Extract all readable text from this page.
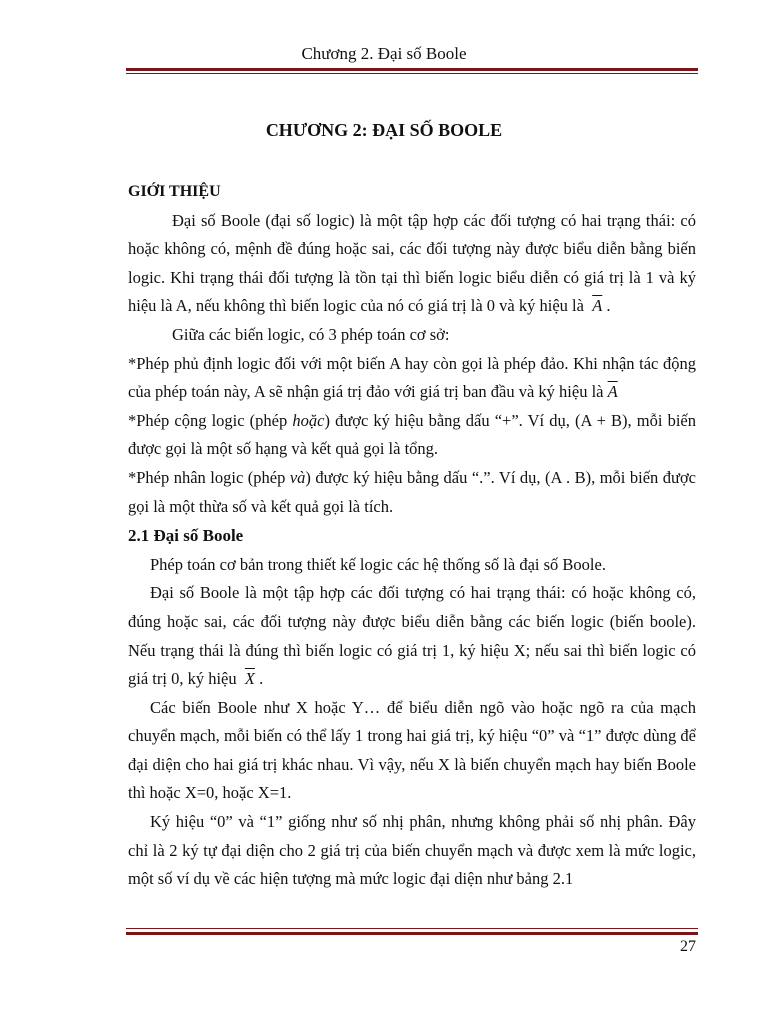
Chương 2. Đại số Boole
CHƯƠNG 2: ĐẠI SỐ BOOLE

GIỚI THIỆU

Đại số Boole (đại số logic) là một tập hợp các đối tượng có hai trạng thái: có hoặc không có, mệnh đề đúng hoặc sai, các đối tượng này được biểu diễn bằng biến logic. Khi trạng thái đối tượng là tồn tại thì biến logic biểu diễn có giá trị là 1 và ký hiệu là A, nếu không thì biến logic của nó có giá trị là 0 và ký hiệu là $\overline{A}$ .

Giữa các biến logic, có 3 phép toán cơ sở:

*Phép phủ định logic đối với một biến A hay còn gọi là phép đảo. Khi nhận tác động của phép toán này, A sẽ nhận giá trị đảo với giá trị ban đầu và ký hiệu là $\overline{A}$

*Phép cộng logic (phép hoặc) được ký hiệu bằng dấu “+”. Ví dụ, (A + B), mỗi biến được gọi là một số hạng và kết quả gọi là tổng.

*Phép nhân logic (phép và) được ký hiệu bằng dấu “.”. Ví dụ, (A . B), mỗi biến được gọi là một thừa số và kết quả gọi là tích.

2.1 Đại số Boole

Phép toán cơ bản trong thiết kế logic các hệ thống số là đại số Boole.

Đại số Boole là một tập hợp các đối tượng có hai trạng thái: có hoặc không có, đúng hoặc sai, các đối tượng này được biểu diễn bằng các biến logic (biến boole). Nếu trạng thái là đúng thì biến logic có giá trị 1, ký hiệu X; nếu sai thì biến logic có giá trị 0, ký hiệu $\overline{X}$ .

Các biến Boole như X hoặc Y… để biểu diễn ngõ vào hoặc ngõ ra của mạch chuyển mạch, mỗi biến có thể lấy 1 trong hai giá trị, ký hiệu “0” và “1” được dùng để đại diện cho hai giá trị khác nhau. Vì vậy, nếu X là biến chuyển mạch hay biến Boole thì hoặc X=0, hoặc X=1.

Ký hiệu “0” và “1” giống như số nhị phân, nhưng không phải số nhị phân. Đây chỉ là 2 ký tự đại diện cho 2 giá trị của biến chuyển mạch và được xem là mức logic, một số ví dụ về các hiện tượng mà mức logic đại diện như bảng 2.1

27
